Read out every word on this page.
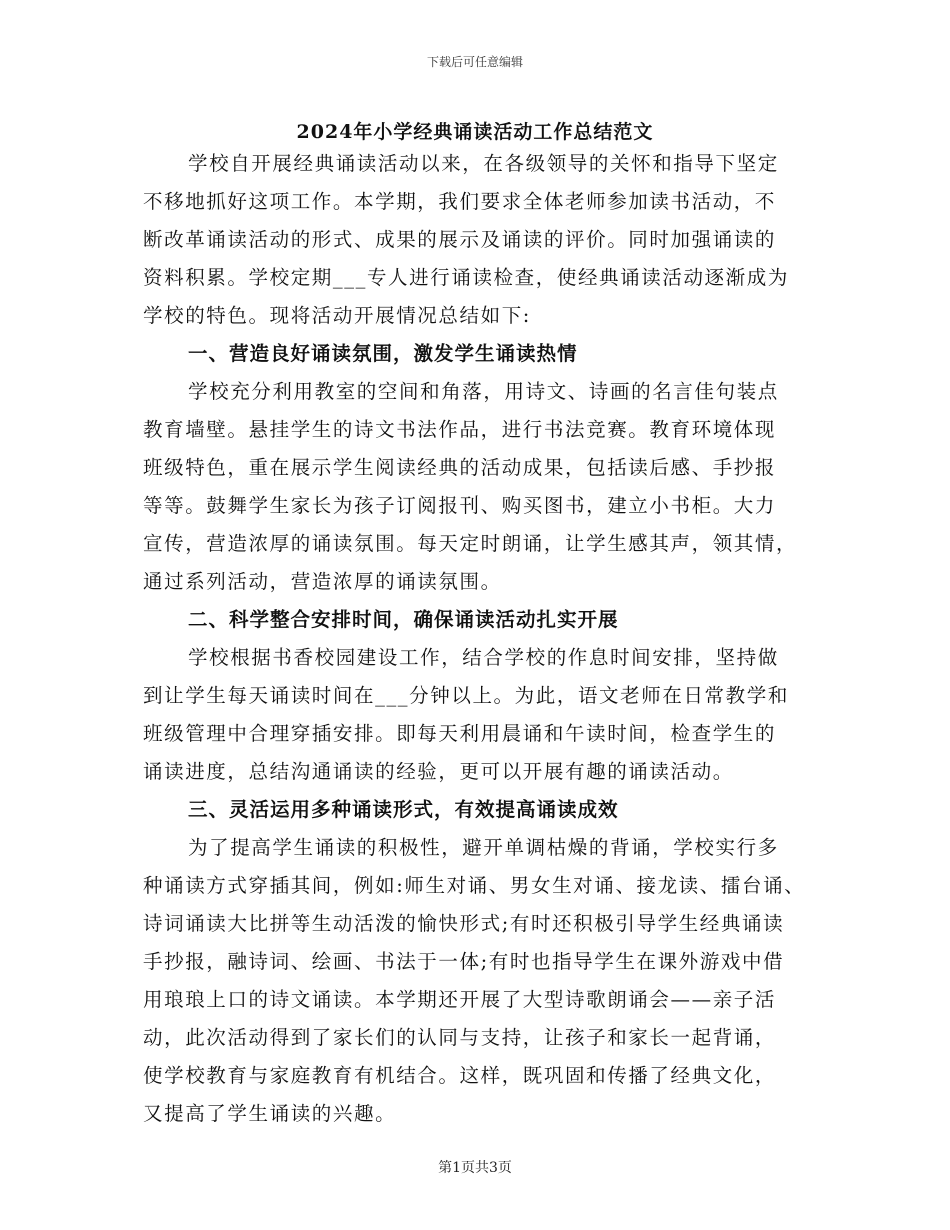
下载后可任意编辑
2024年小学经典诵读活动工作总结范文
学校自开展经典诵读活动以来，在各级领导的关怀和指导下坚定
不移地抓好这项工作。本学期，我们要求全体老师参加读书活动，不
断改革诵读活动的形式、成果的展示及诵读的评价。同时加强诵读的
资料积累。学校定期___专人进行诵读检查，使经典诵读活动逐渐成为
学校的特色。现将活动开展情况总结如下:
一、营造良好诵读氛围，激发学生诵读热情
学校充分利用教室的空间和角落，用诗文、诗画的名言佳句装点
教育墙壁。悬挂学生的诗文书法作品，进行书法竞赛。教育环境体现
班级特色，重在展示学生阅读经典的活动成果，包括读后感、手抄报
等等。鼓舞学生家长为孩子订阅报刊、购买图书，建立小书柜。大力
宣传，营造浓厚的诵读氛围。每天定时朗诵，让学生感其声，领其情，
通过系列活动，营造浓厚的诵读氛围。
二、科学整合安排时间，确保诵读活动扎实开展
学校根据书香校园建设工作，结合学校的作息时间安排，坚持做
到让学生每天诵读时间在___分钟以上。为此，语文老师在日常教学和
班级管理中合理穿插安排。即每天利用晨诵和午读时间，检查学生的
诵读进度，总结沟通诵读的经验，更可以开展有趣的诵读活动。
三、灵活运用多种诵读形式，有效提高诵读成效
为了提高学生诵读的积极性，避开单调枯燥的背诵，学校实行多
种诵读方式穿插其间，例如:师生对诵、男女生对诵、接龙读、擂台诵、
诗词诵读大比拼等生动活泼的愉快形式;有时还积极引导学生经典诵读
手抄报，融诗词、绘画、书法于一体;有时也指导学生在课外游戏中借
用琅琅上口的诗文诵读。本学期还开展了大型诗歌朗诵会——亲子活
动，此次活动得到了家长们的认同与支持，让孩子和家长一起背诵，
使学校教育与家庭教育有机结合。这样，既巩固和传播了经典文化，
又提高了学生诵读的兴趣。
第1页共3页
